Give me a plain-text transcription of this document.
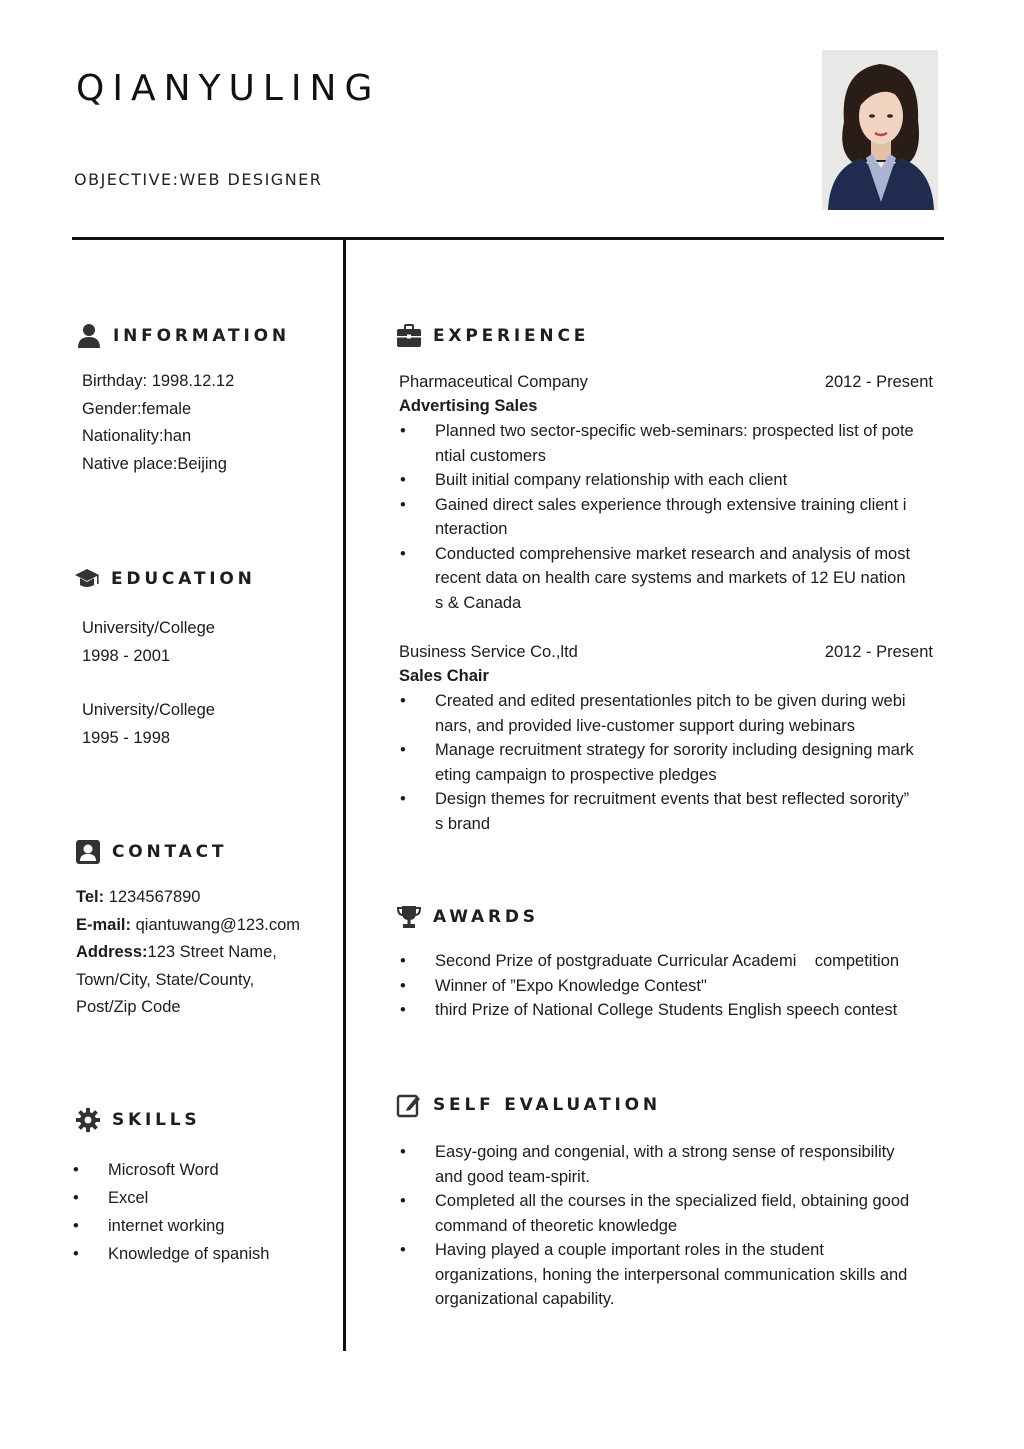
QIANYULING
OBJECTIVE:WEB DESIGNER
INFORMATION
Birthday: 1998.12.12
Gender:female
Nationality:han
Native place:Beijing
EDUCATION
University/College
1998 - 2001
University/College
1995 - 1998
CONTACT
Tel: 1234567890
E-mail: qiantuwang@123.com
Address:123 Street Name,
Town/City, State/County,
Post/Zip Code
SKILLS
• Microsoft Word
• Excel
• internet working
• Knowledge of spanish
EXPERIENCE
Pharmaceutical Company	2012 - Present
Advertising Sales
• Planned two sector-specific web-seminars: prospected list of pote
ntial customers
• Built initial company relationship with each client
• Gained direct sales experience through extensive training client i
nteraction
• Conducted comprehensive market research and analysis of most
recent data on health care systems and markets of 12 EU nation
s & Canada
Business Service Co.,ltd	2012 - Present
Sales Chair
• Created and edited presentationles pitch to be given during webi
nars, and provided live-customer support during webinars
• Manage recruitment strategy for sorority including designing mark
eting campaign to prospective pledges
• Design themes for recruitment events that best reflected sorority”
s brand
AWARDS
• Second Prize of postgraduate Curricular Academi    competition
• Winner of ”Expo Knowledge Contest"
• third Prize of National College Students English speech contest
SELF EVALUATION
• Easy-going and congenial, with a strong sense of responsibility
and good team-spirit.
• Completed all the courses in the specialized field, obtaining good
command of theoretic knowledge
• Having played a couple important roles in the student
organizations, honing the interpersonal communication skills and
organizational capability.
